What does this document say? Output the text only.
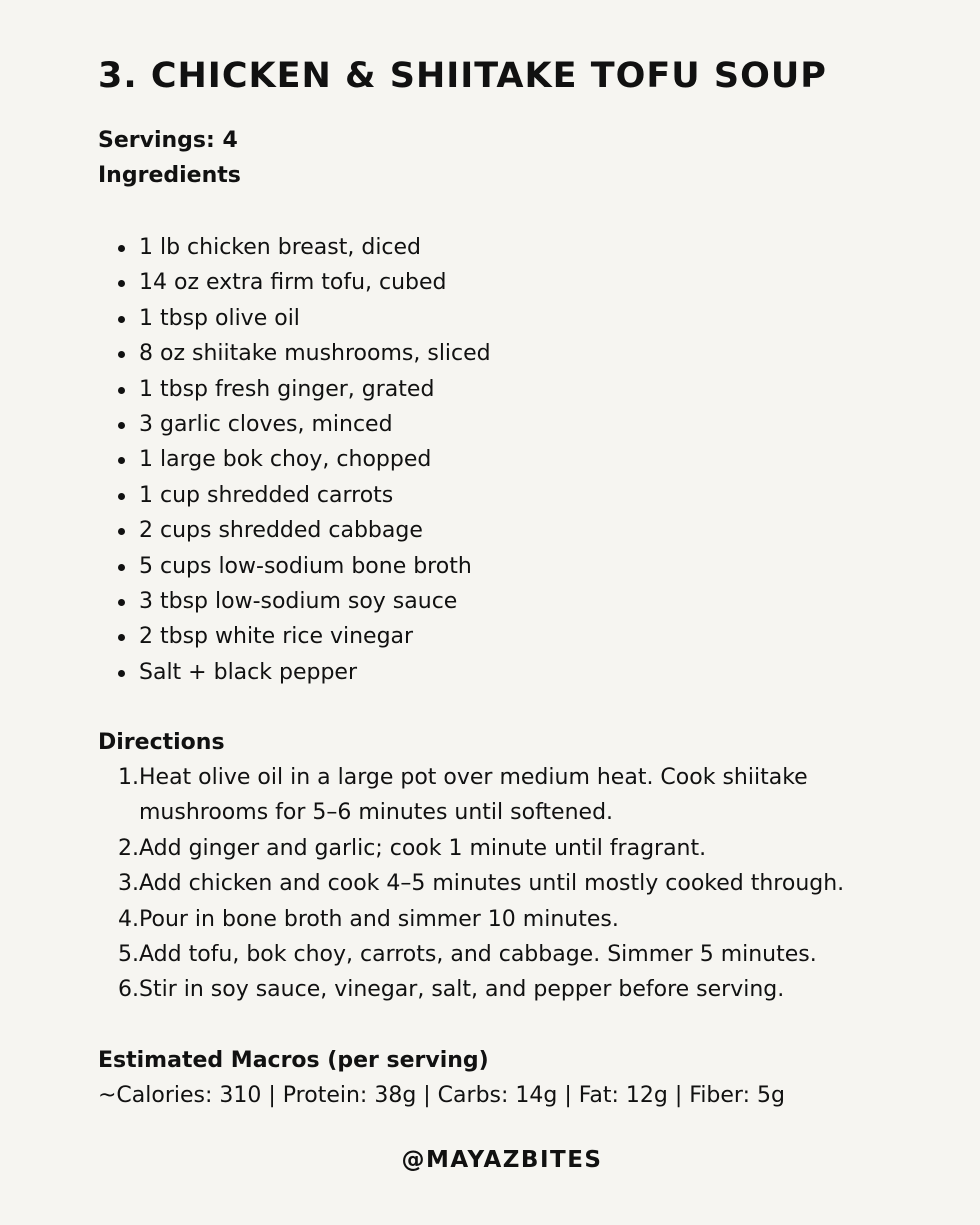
3. CHICKEN & SHIITAKE TOFU SOUP
Servings: 4
Ingredients
1 lb chicken breast, diced
14 oz extra firm tofu, cubed
1 tbsp olive oil
8 oz shiitake mushrooms, sliced
1 tbsp fresh ginger, grated
3 garlic cloves, minced
1 large bok choy, chopped
1 cup shredded carrots
2 cups shredded cabbage
5 cups low-sodium bone broth
3 tbsp low-sodium soy sauce
2 tbsp white rice vinegar
Salt + black pepper
Directions
1. Heat olive oil in a large pot over medium heat. Cook shiitake mushrooms for 5–6 minutes until softened.
2. Add ginger and garlic; cook 1 minute until fragrant.
3. Add chicken and cook 4–5 minutes until mostly cooked through.
4. Pour in bone broth and simmer 10 minutes.
5. Add tofu, bok choy, carrots, and cabbage. Simmer 5 minutes.
6. Stir in soy sauce, vinegar, salt, and pepper before serving.
Estimated Macros (per serving)
~Calories: 310 | Protein: 38g | Carbs: 14g | Fat: 12g | Fiber: 5g
@MAYAZBITES
